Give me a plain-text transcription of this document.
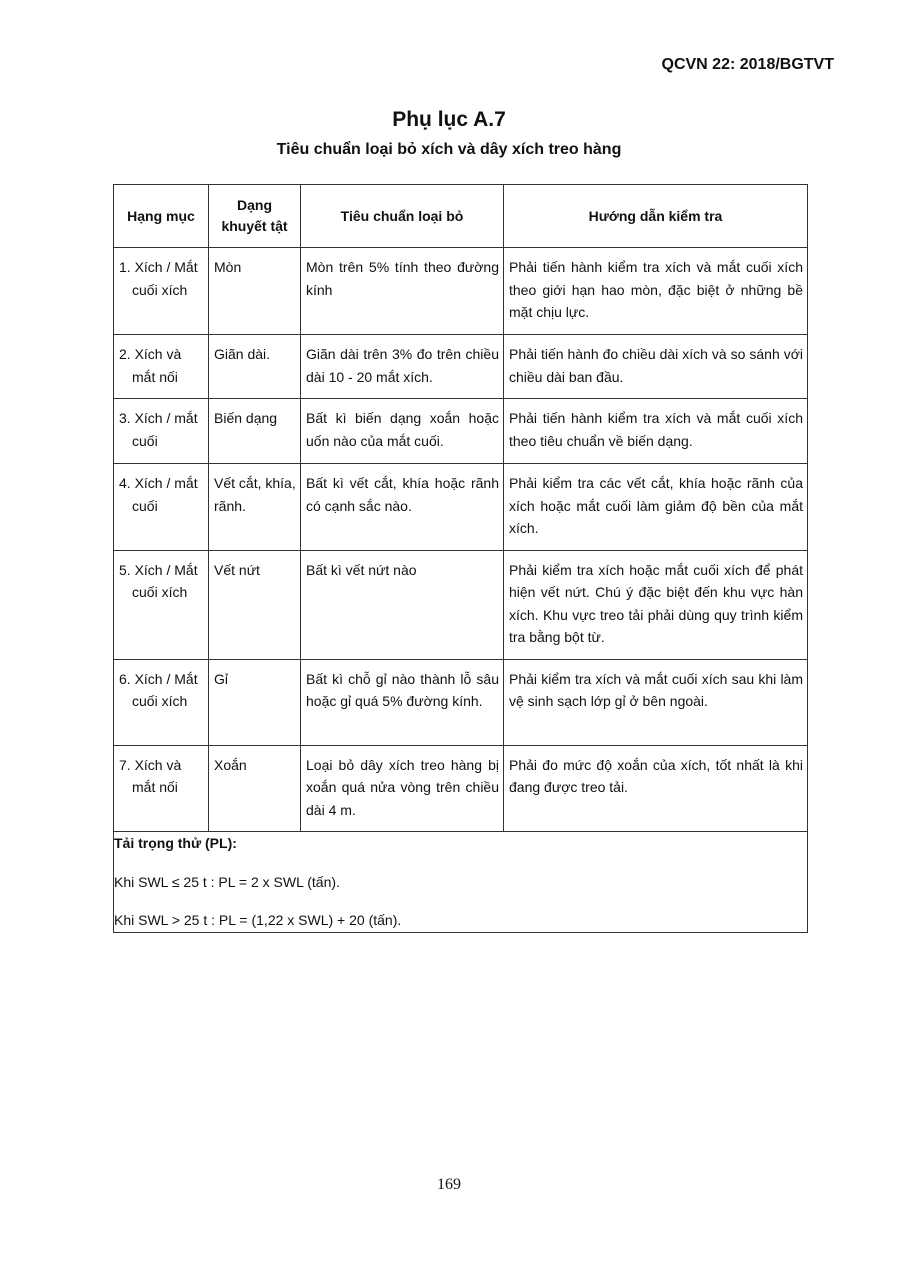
QCVN 22: 2018/BGTVT
Phụ lục A.7
Tiêu chuẩn loại bỏ xích và dây xích treo hàng
Hạng mục	Dạng khuyết tật	Tiêu chuẩn loại bỏ	Hướng dẫn kiểm tra

1. Xích / Mắt cuối xích	Mòn	Mòn trên 5% tính theo đường kính	Phải tiến hành kiểm tra xích và mắt cuối xích theo giới hạn hao mòn, đặc biệt ở những bề mặt chịu lực.

2. Xích và mắt nối	Giãn dài.	Giãn dài trên 3% đo trên chiều dài 10 - 20 mắt xích.	Phải tiến hành đo chiều dài xích và so sánh với chiều dài ban đầu.

3. Xích / mắt cuối	Biến dạng	Bất kì biến dạng xoắn hoặc uốn nào của mắt cuối.	Phải tiến hành kiểm tra xích và mắt cuối xích theo tiêu chuẩn về biến dạng.

4. Xích / mắt cuối	Vết cắt, khía, rãnh.	Bất kì vết cắt, khía hoặc rãnh có cạnh sắc nào.	Phải kiểm tra các vết cắt, khía hoặc rãnh của xích hoặc mắt cuối làm giảm độ bền của mắt xích.

5. Xích / Mắt cuối xích	Vết nứt	Bất kì vết nứt nào	Phải kiểm tra xích hoặc mắt cuối xích để phát hiện vết nứt. Chú ý đặc biệt đến khu vực hàn xích. Khu vực treo tải phải dùng quy trình kiểm tra bằng bột từ.

6. Xích / Mắt cuối xích	Gỉ	Bất kì chỗ gỉ nào thành lỗ sâu hoặc gỉ quá 5% đường kính.	Phải kiểm tra xích và mắt cuối xích sau khi làm vệ sinh sạch lớp gỉ ở bên ngoài.

7. Xích và mắt nối	Xoắn	Loại bỏ dây xích treo hàng bị xoắn quá nửa vòng trên chiều dài 4 m.	Phải đo mức độ xoắn của xích, tốt nhất là khi đang được treo tải.

Tải trọng thử (PL):

Khi SWL ≤ 25 t : PL = 2 x SWL (tấn).

Khi SWL > 25 t : PL = (1,22 x SWL) + 20 (tấn).			

169
